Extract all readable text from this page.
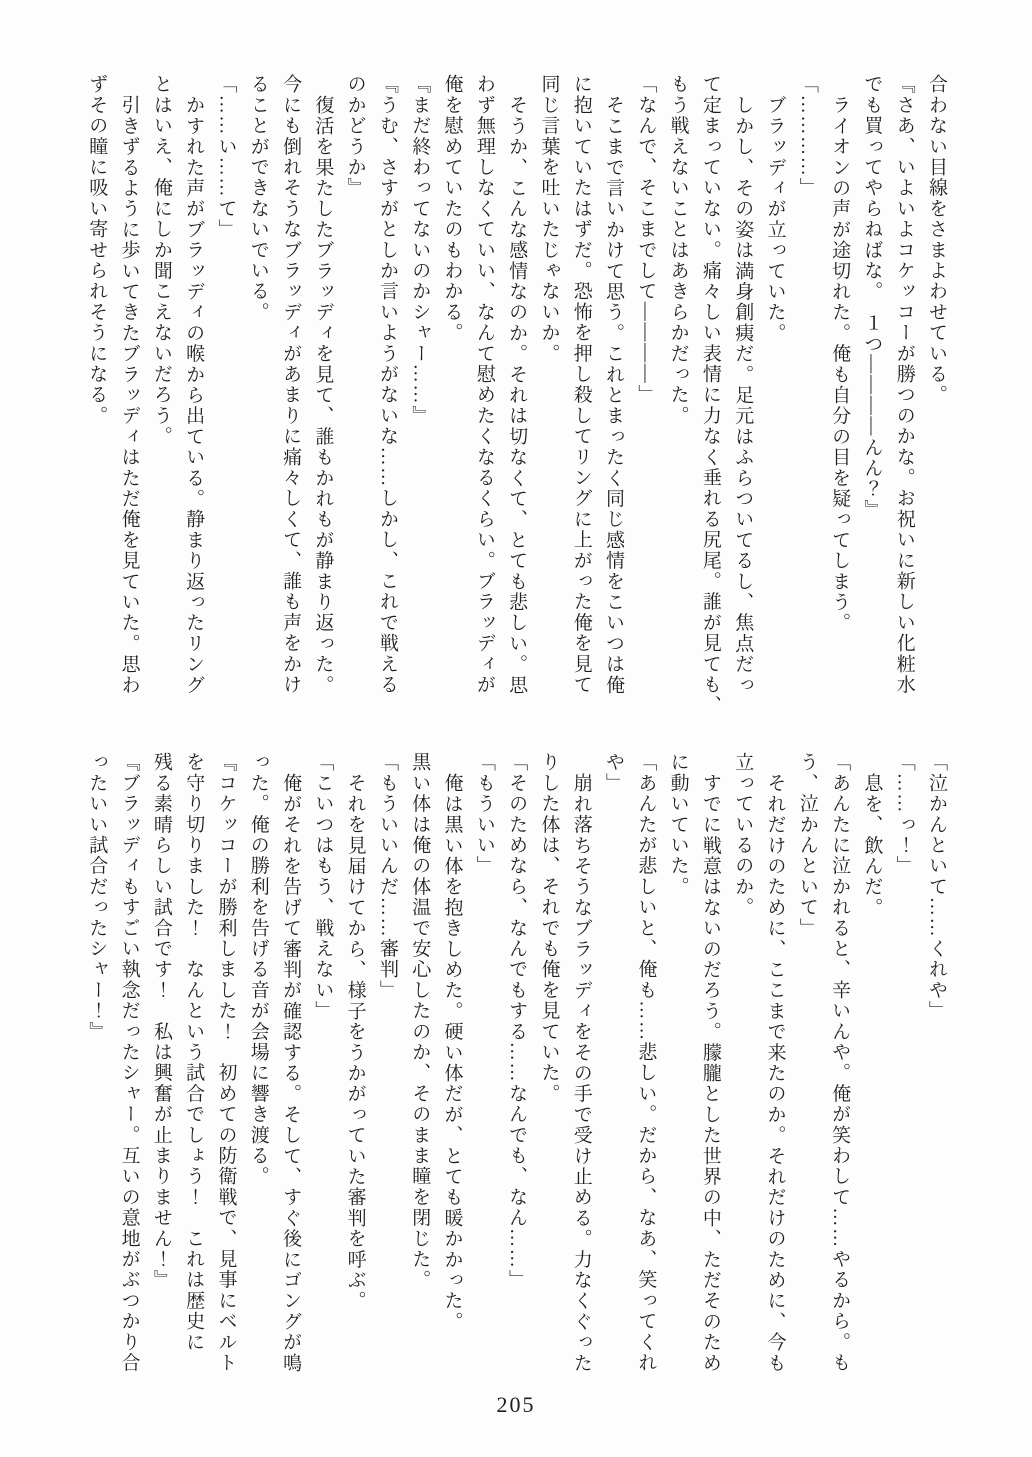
合わない目線をさまよわせている。

『さあ、いよいよコケッコーが勝つのかな。お祝いに新しい化粧水

でも買ってやらねばな。　１つ――――んん？』

ライオンの声が途切れた。俺も自分の目を疑ってしまう。

「…………」

ブラッディが立っていた。

しかし、その姿は満身創痍だ。足元はふらついてるし、焦点だっ

て定まっていない。痛々しい表情に力なく垂れる尻尾。誰が見ても、

もう戦えないことはあきらかだった。

「なんで、そこまでして――――」

そこまで言いかけて思う。これとまったく同じ感情をこいつは俺

に抱いていたはずだ。恐怖を押し殺してリングに上がった俺を見て

同じ言葉を吐いたじゃないか。

そうか、こんな感情なのか。それは切なくて、とても悲しい。思

わず無理しなくていい、なんて慰めたくなるくらい。ブラッディが

俺を慰めていたのもわかる。

『まだ終わってないのかシャー……』

『うむ、さすがとしか言いようがないな……しかし、これで戦える

のかどうか』

復活を果たしたブラッディを見て、誰もかれもが静まり返った。

今にも倒れそうなブラッディがあまりに痛々しくて、誰も声をかけ

ることができないでいる。

「……い……て」

かすれた声がブラッディの喉から出ている。静まり返ったリング

とはいえ、俺にしか聞こえないだろう。

引きずるように歩いてきたブラッディはただ俺を見ていた。思わ

ずその瞳に吸い寄せられそうになる。

「泣かんといて……くれや」

「……っ！」

息を、飲んだ。

「あんたに泣かれると、辛いんや。俺が笑わして……やるから。も

う、泣かんといて」

それだけのために、ここまで来たのか。それだけのために、今も

立っているのか。

すでに戦意はないのだろう。朦朧とした世界の中、ただそのため

に動いていた。

「あんたが悲しいと、俺も……悲しい。だから、なあ、笑ってくれ

や」

崩れ落ちそうなブラッディをその手で受け止める。力なくぐった

りした体は、それでも俺を見ていた。

「そのためなら、なんでもする……なんでも、なん……」

「もういい」

俺は黒い体を抱きしめた。硬い体だが、とても暖かかった。

黒い体は俺の体温で安心したのか、そのまま瞳を閉じた。

「もういいんだ……審判」

それを見届けてから、様子をうかがっていた審判を呼ぶ。

「こいつはもう、戦えない」

俺がそれを告げて審判が確認する。そして、すぐ後にゴングが鳴

った。俺の勝利を告げる音が会場に響き渡る。

『コケッコーが勝利しました！　初めての防衛戦で、見事にベルト

を守り切りました！　なんという試合でしょう！　これは歴史に

残る素晴らしい試合です！　私は興奮が止まりません！』

『ブラッディもすごい執念だったシャー。互いの意地がぶつかり合

ったいい試合だったシャー！』

205
